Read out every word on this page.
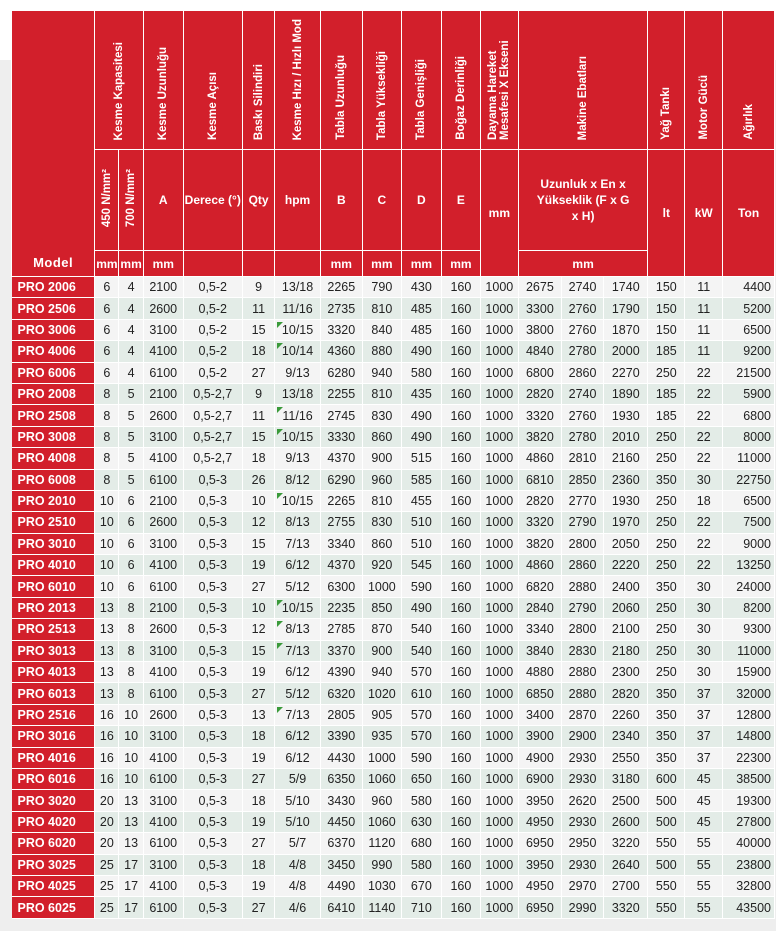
Model	Kesme Kapasitesi		Kesme Uzunluğu	Kesme Açısı	Baskı Silindiri	Kesme Hızı / Hızlı Mod	Tabla Uzunluğu	Tabla Yüksekliği	Tabla Genişliği	Boğaz Derinliği	Dayama Hareket Mesafesi X Ekseni	Makine Ebatları			Yağ Tankı	Motor Gücü	Ağırlık
	450 N/mm²	700 N/mm²	A	Derece (°)	Qty	hpm	B	C	D	E	mm	Uzunluk x En x Yükseklik (F x G x H)			lt	kW	Ton
	mm	mm	mm				mm	mm	mm	mm		mm					
PRO 2006	6	4	2100	0,5-2	9	13/18	2265	790	430	160	1000	2675	2740	1740	150	11	4400
PRO 2506	6	4	2600	0,5-2	11	11/16	2735	810	485	160	1000	3300	2760	1790	150	11	5200
PRO 3006	6	4	3100	0,5-2	15	10/15	3320	840	485	160	1000	3800	2760	1870	150	11	6500
PRO 4006	6	4	4100	0,5-2	18	10/14	4360	880	490	160	1000	4840	2780	2000	185	11	9200
PRO 6006	6	4	6100	0,5-2	27	9/13	6280	940	580	160	1000	6800	2860	2270	250	22	21500
PRO 2008	8	5	2100	0,5-2,7	9	13/18	2255	810	435	160	1000	2820	2740	1890	185	22	5900
PRO 2508	8	5	2600	0,5-2,7	11	11/16	2745	830	490	160	1000	3320	2760	1930	185	22	6800
PRO 3008	8	5	3100	0,5-2,7	15	10/15	3330	860	490	160	1000	3820	2780	2010	250	22	8000
PRO 4008	8	5	4100	0,5-2,7	18	9/13	4370	900	515	160	1000	4860	2810	2160	250	22	11000
PRO 6008	8	5	6100	0,5-3	26	8/12	6290	960	585	160	1000	6810	2850	2360	350	30	22750
PRO 2010	10	6	2100	0,5-3	10	10/15	2265	810	455	160	1000	2820	2770	1930	250	18	6500
PRO 2510	10	6	2600	0,5-3	12	8/13	2755	830	510	160	1000	3320	2790	1970	250	22	7500
PRO 3010	10	6	3100	0,5-3	15	7/13	3340	860	510	160	1000	3820	2800	2050	250	22	9000
PRO 4010	10	6	4100	0,5-3	19	6/12	4370	920	545	160	1000	4860	2860	2220	250	22	13250
PRO 6010	10	6	6100	0,5-3	27	5/12	6300	1000	590	160	1000	6820	2880	2400	350	30	24000
PRO 2013	13	8	2100	0,5-3	10	10/15	2235	850	490	160	1000	2840	2790	2060	250	30	8200
PRO 2513	13	8	2600	0,5-3	12	8/13	2785	870	540	160	1000	3340	2800	2100	250	30	9300
PRO 3013	13	8	3100	0,5-3	15	7/13	3370	900	540	160	1000	3840	2830	2180	250	30	11000
PRO 4013	13	8	4100	0,5-3	19	6/12	4390	940	570	160	1000	4880	2880	2300	250	30	15900
PRO 6013	13	8	6100	0,5-3	27	5/12	6320	1020	610	160	1000	6850	2880	2820	350	37	32000
PRO 2516	16	10	2600	0,5-3	13	7/13	2805	905	570	160	1000	3400	2870	2260	350	37	12800
PRO 3016	16	10	3100	0,5-3	18	6/12	3390	935	570	160	1000	3900	2900	2340	350	37	14800
PRO 4016	16	10	4100	0,5-3	19	6/12	4430	1000	590	160	1000	4900	2930	2550	350	37	22300
PRO 6016	16	10	6100	0,5-3	27	5/9	6350	1060	650	160	1000	6900	2930	3180	600	45	38500
PRO 3020	20	13	3100	0,5-3	18	5/10	3430	960	580	160	1000	3950	2620	2500	500	45	19300
PRO 4020	20	13	4100	0,5-3	19	5/10	4450	1060	630	160	1000	4950	2930	2600	500	45	27800
PRO 6020	20	13	6100	0,5-3	27	5/7	6370	1120	680	160	1000	6950	2950	3220	550	55	40000
PRO 3025	25	17	3100	0,5-3	18	4/8	3450	990	580	160	1000	3950	2930	2640	500	55	23800
PRO 4025	25	17	4100	0,5-3	19	4/8	4490	1030	670	160	1000	4950	2970	2700	550	55	32800
PRO 6025	25	17	6100	0,5-3	27	4/6	6410	1140	710	160	1000	6950	2990	3320	550	55	43500
